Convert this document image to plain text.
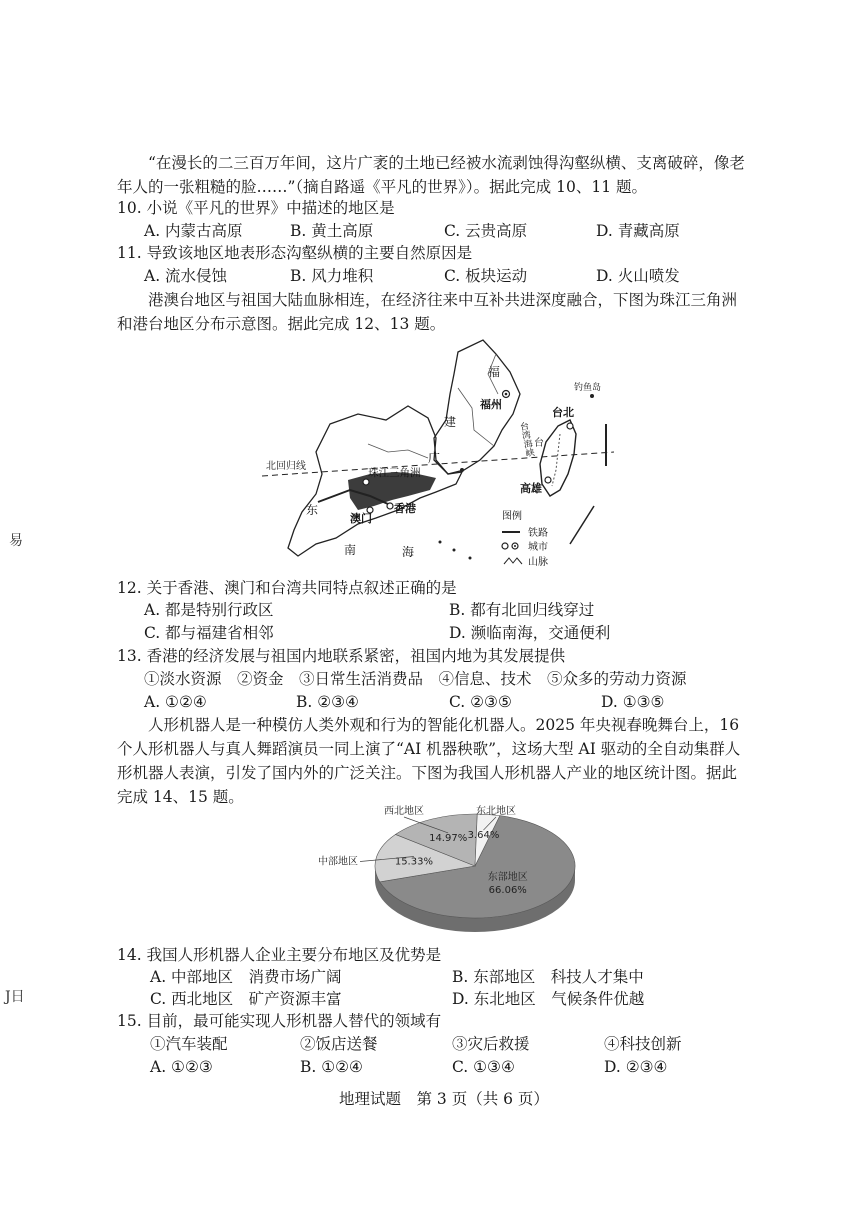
“在漫长的二三百万年间，这片广袤的土地已经被水流剥蚀得沟壑纵横、支离破碎，像老
年人的一张粗糙的脸……”（摘自路遥《平凡的世界》）。据此完成 10、11 题。
10. 小说《平凡的世界》中描述的地区是
A. 内蒙古高原	B. 黄土高原	C. 云贵高原	D. 青藏高原
11. 导致该地区地表形态沟壑纵横的主要自然原因是
A. 流水侵蚀	B. 风力堆积	C. 板块运动	D. 火山喷发
港澳台地区与祖国大陆血脉相连，在经济往来中互补共进深度融合，下图为珠江三角洲
和港台地区分布示意图。据此完成 12、13 题。
北回归线
珠江三角洲
香港
澳门
福州
福
建
广
东
台北
高雄
钓鱼岛
台湾海峡 台
南	海
图例
铁路
城市
山脉
12. 关于香港、澳门和台湾共同特点叙述正确的是
A. 都是特别行政区	B. 都有北回归线穿过
C. 都与福建省相邻	D. 濒临南海，交通便利
13. 香港的经济发展与祖国内地联系紧密，祖国内地为其发展提供
①淡水资源　②资金　③日常生活消费品　④信息、技术　⑤众多的劳动力资源
A. ①②④	B. ②③④	C. ②③⑤	D. ①③⑤
人形机器人是一种模仿人类外观和行为的智能化机器人。2025 年央视春晚舞台上，16
个人形机器人与真人舞蹈演员一同上演了“AI 机器秧歌”，这场大型 AI 驱动的全自动集群人
形机器人表演，引发了国内外的广泛关注。下图为我国人形机器人产业的地区统计图。据此
完成 14、15 题。
东部地区
66.06%
15.33%
中部地区
14.97%
西北地区
3.64%
东北地区
14. 我国人形机器人企业主要分布地区及优势是
A. 中部地区　消费市场广阔	B. 东部地区　科技人才集中
C. 西北地区　矿产资源丰富	D. 东北地区　气候条件优越
15. 目前，最可能实现人形机器人替代的领域有
①汽车装配	②饭店送餐	③灾后救援	④科技创新
A. ①②③	B. ①②④	C. ①③④	D. ②③④
地理试题　第 3 页（共 6 页）
易
J日
